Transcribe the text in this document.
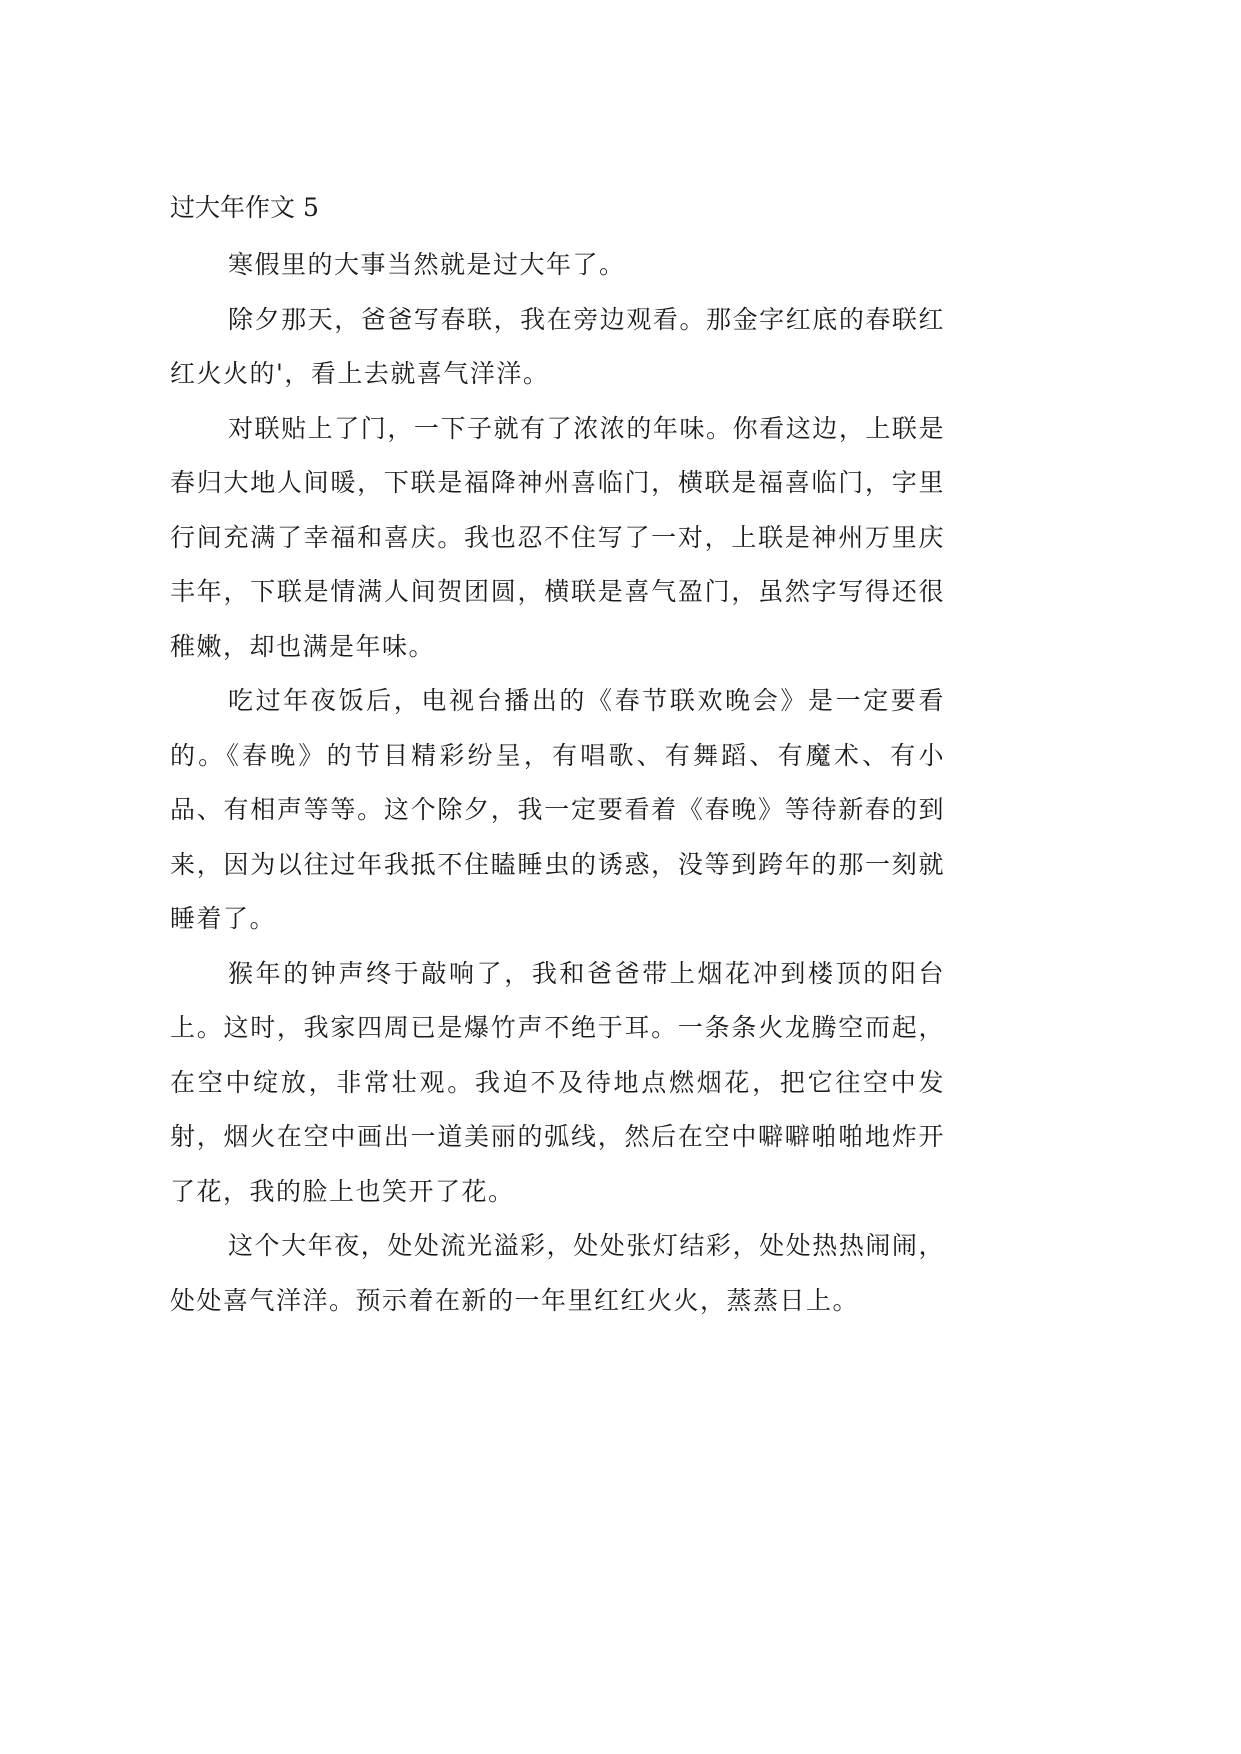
过大年作文 5

寒假里的大事当然就是过大年了。

除夕那天，爸爸写春联，我在旁边观看。那金字红底的春联红红火火的'，看上去就喜气洋洋。

对联贴上了门，一下子就有了浓浓的年味。你看这边，上联是春归大地人间暖，下联是福降神州喜临门，横联是福喜临门，字里行间充满了幸福和喜庆。我也忍不住写了一对，上联是神州万里庆丰年，下联是情满人间贺团圆，横联是喜气盈门，虽然字写得还很稚嫩，却也满是年味。

吃过年夜饭后，电视台播出的《春节联欢晚会》是一定要看的。《春晚》的节目精彩纷呈，有唱歌、有舞蹈、有魔术、有小品、有相声等等。这个除夕，我一定要看着《春晚》等待新春的到来，因为以往过年我抵不住瞌睡虫的诱惑，没等到跨年的那一刻就睡着了。

猴年的钟声终于敲响了，我和爸爸带上烟花冲到楼顶的阳台上。这时，我家四周已是爆竹声不绝于耳。一条条火龙腾空而起，在空中绽放，非常壮观。我迫不及待地点燃烟花，把它往空中发射，烟火在空中画出一道美丽的弧线，然后在空中噼噼啪啪地炸开了花，我的脸上也笑开了花。

这个大年夜，处处流光溢彩，处处张灯结彩，处处热热闹闹，处处喜气洋洋。预示着在新的一年里红红火火，蒸蒸日上。
